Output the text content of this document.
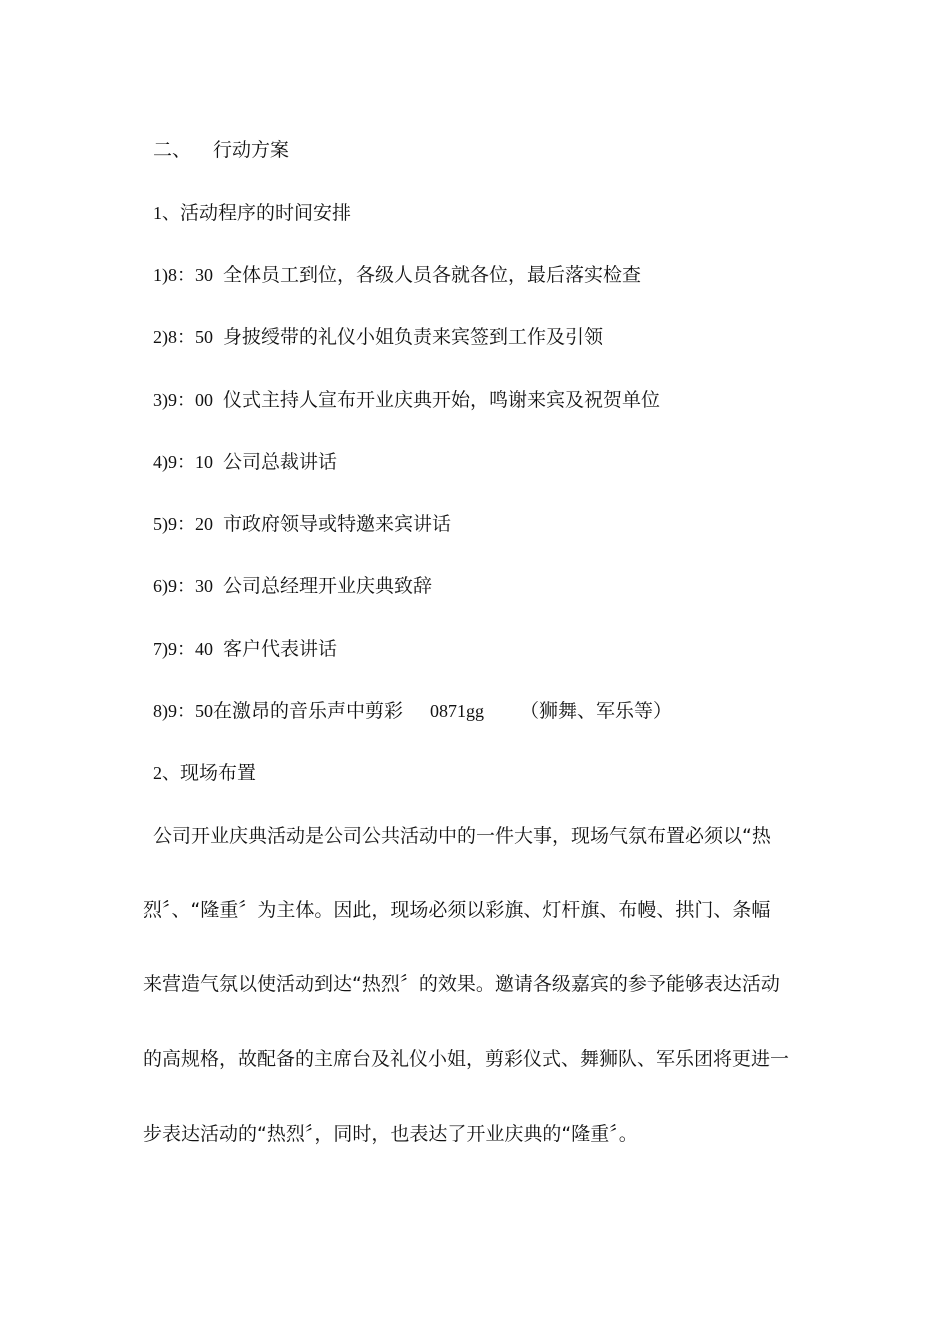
二、 行动方案
1、活动程序的时间安排
1)8：30 全体员工到位，各级人员各就各位，最后落实检查
2)8：50 身披绶带的礼仪小姐负责来宾签到工作及引领
3)9：00 仪式主持人宣布开业庆典开始，鸣谢来宾及祝贺单位
4)9：10 公司总裁讲话
5)9：20 市政府领导或特邀来宾讲话
6)9：30 公司总经理开业庆典致辞
7)9：40 客户代表讲话
8)9：50在激昂的音乐声中剪彩 0871gg （狮舞、军乐等）
2、现场布置
公司开业庆典活动是公司公共活动中的一件大事，现场气氛布置必须以“热
烈〞、“隆重〞为主体。因此，现场必须以彩旗、灯杆旗、布幔、拱门、条幅
来营造气氛以使活动到达“热烈〞的效果。邀请各级嘉宾的参予能够表达活动
的高规格，故配备的主席台及礼仪小姐，剪彩仪式、舞狮队、军乐团将更进一
步表达活动的“热烈〞，同时，也表达了开业庆典的“隆重〞。
